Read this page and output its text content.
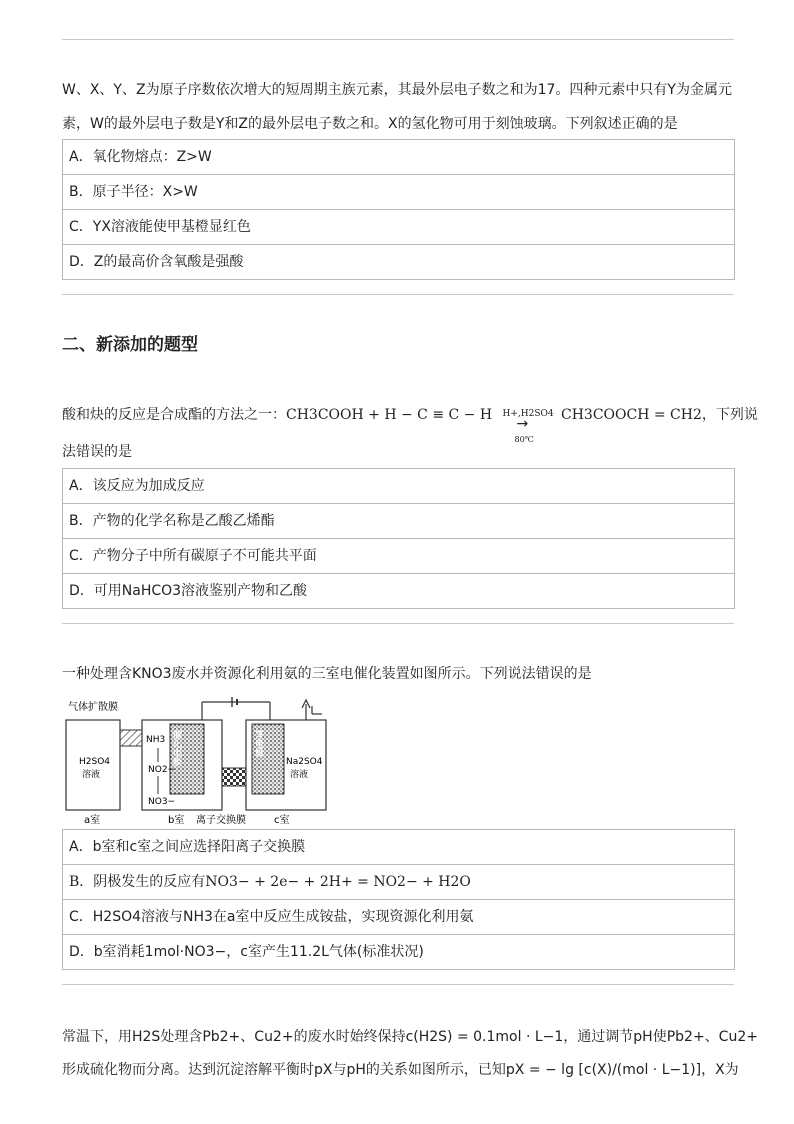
W、X、Y、Z为原子序数依次增大的短周期主族元素，其最外层电子数之和为17。四种元素中只有Y为金属元
素，W的最外层电子数是Y和Z的最外层电子数之和。X的氢化物可用于刻蚀玻璃。下列叙述正确的是
A．氧化物熔点：Z>W
B．原子半径：X>W
C．YX溶液能使甲基橙显红色
D．Z的最高价含氧酸是强酸
二、新添加的题型
酸和炔的反应是合成酯的方法之一：CH3COOH + H − C ≡ C − H H+,H2SO4
→
80℃
CH3COOCH = CH2，下列说
法错误的是
A．该反应为加成反应
B．产物的化学名称是乙酸乙烯酯
C．产物分子中所有碳原子不可能共平面
D．可用NaHCO3溶液鉴别产物和乙酸
一种处理含KNO3废水并资源化利用氨的三室电催化装置如图所示。下列说法错误的是
气体扩散膜
H2SO4
溶液
NH3
NO2−
NO3−
催化电极	Pt电极
Na2SO4
溶液
a室	b室 离子交换膜	c室
A．b室和c室之间应选择阳离子交换膜
B．阴极发生的反应有NO3− + 2e− + 2H+ = NO2− + H2O
C．H2SO4溶液与NH3在a室中反应生成铵盐，实现资源化利用氨
D．b室消耗1mol·NO3−，c室产生11.2L气体(标准状况)
常温下，用H2S处理含Pb2+、Cu2+的废水时始终保持c(H2S) = 0.1mol · L−1，通过调节pH使Pb2+、Cu2+
形成硫化物而分离。达到沉淀溶解平衡时pX与pH的关系如图所示，已知pX = − lg [c(X)/(mol · L−1)]，X为
